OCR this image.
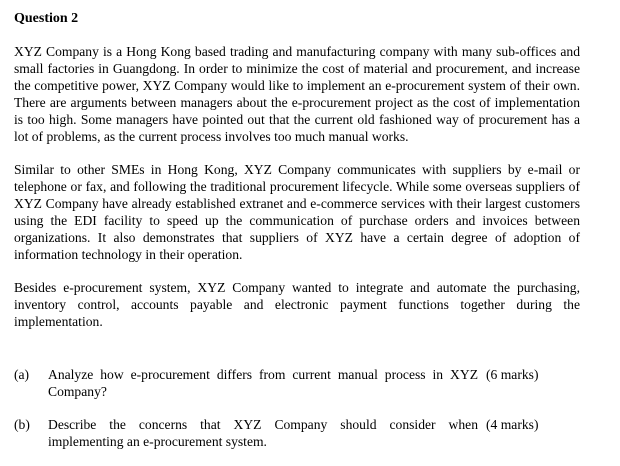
Question 2

XYZ Company is a Hong Kong based trading and manufacturing company with many sub-offices and small factories in Guangdong. In order to minimize the cost of material and procurement, and increase the competitive power, XYZ Company would like to implement an e-procurement system of their own. There are arguments between managers about the e-procurement project as the cost of implementation is too high. Some managers have pointed out that the current old fashioned way of procurement has a lot of problems, as the current process involves too much manual works.

Similar to other SMEs in Hong Kong, XYZ Company communicates with suppliers by e-mail or telephone or fax, and following the traditional procurement lifecycle. While some overseas suppliers of XYZ Company have already established extranet and e-commerce services with their largest customers using the EDI facility to speed up the communication of purchase orders and invoices between organizations. It also demonstrates that suppliers of XYZ have a certain degree of adoption of information technology in their operation.

Besides e-procurement system, XYZ Company wanted to integrate and automate the purchasing, inventory control, accounts payable and electronic payment functions together during the implementation.

(a)	Analyze how e-procurement differs from current manual process in XYZ Company?
(6 marks)
(b)	Describe the concerns that XYZ Company should consider when implementing an e-procurement system.
(4 marks)
